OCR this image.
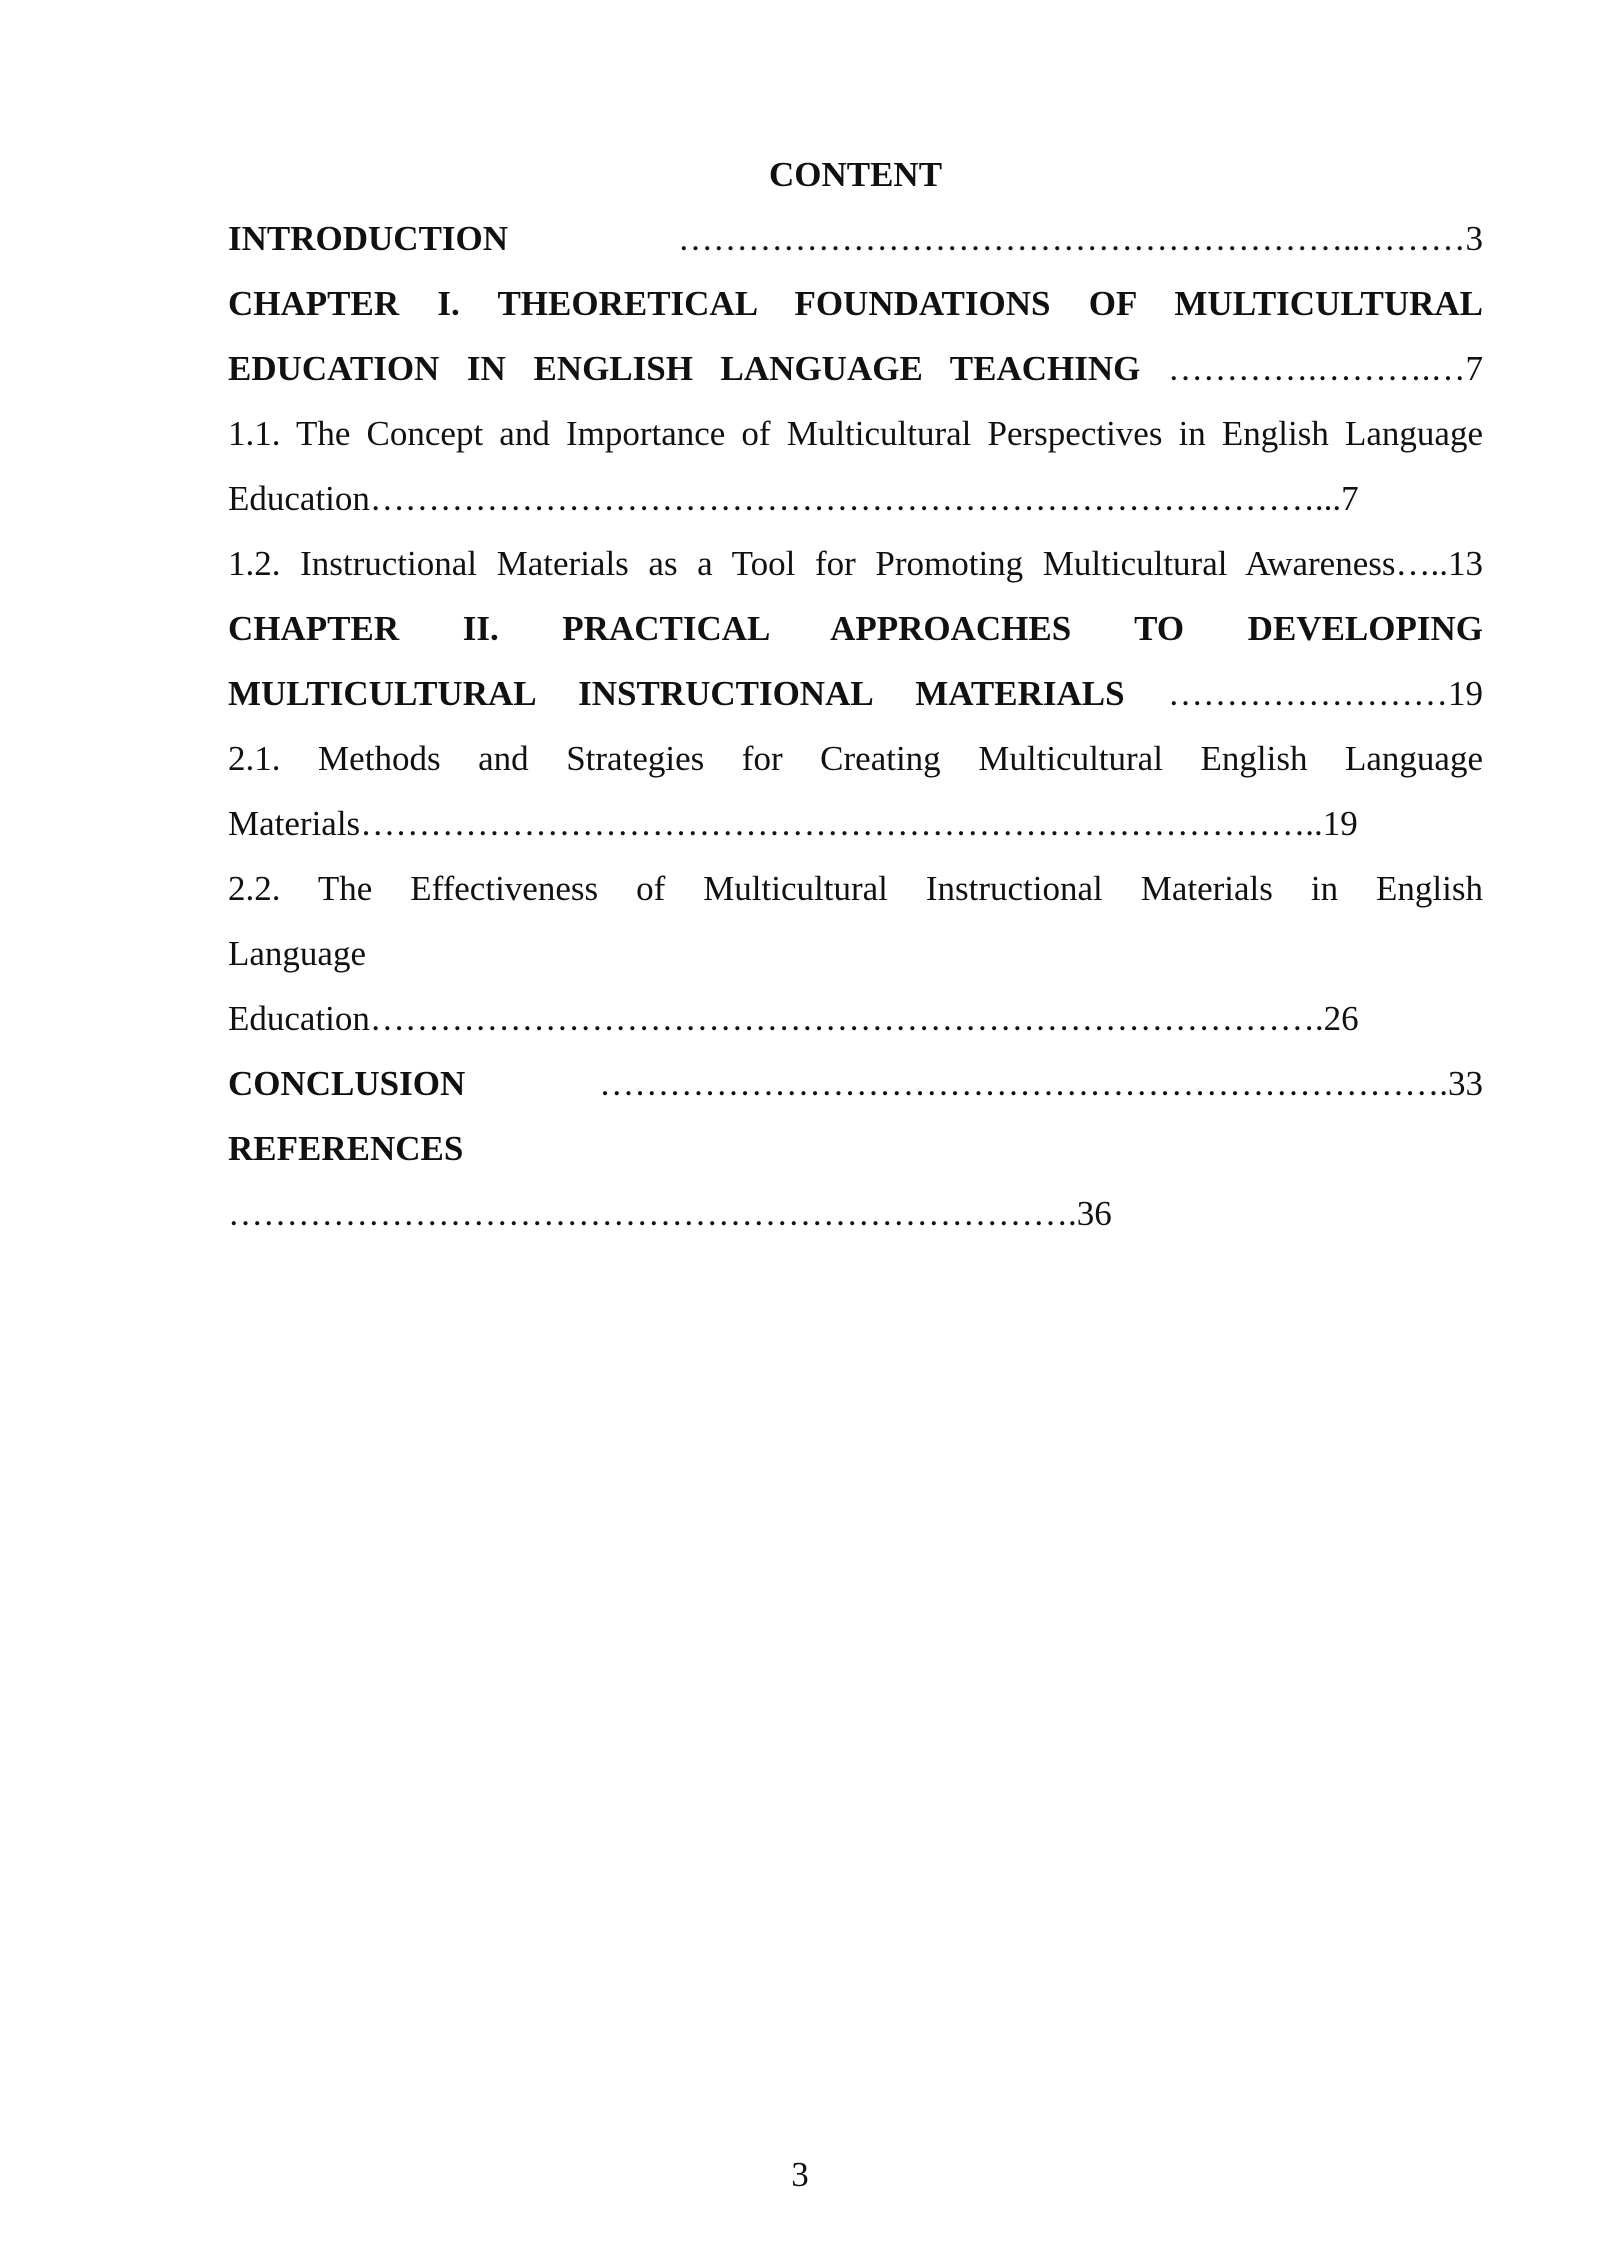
CONTENT

INTRODUCTION …………………………………………………..………3

CHAPTER I. THEORETICAL FOUNDATIONS OF MULTICULTURAL
EDUCATION IN ENGLISH LANGUAGE TEACHING ………….……….…7

1.1. The Concept and Importance of Multicultural Perspectives in English Language
Education………………………………………………………………………...7

1.2. Instructional Materials as a Tool for Promoting Multicultural Awareness…..13

CHAPTER II. PRACTICAL APPROACHES TO DEVELOPING
MULTICULTURAL INSTRUCTIONAL MATERIALS ……………………19

2.1. Methods and Strategies for Creating Multicultural English Language
Materials………………………………………………………………………..19

2.2. The Effectiveness of Multicultural Instructional Materials in English
Language
Education……………………………………………………………………….26

CONCLUSION ……………………………………………………………….33

REFERENCES
……………………………………………………………….36

3
